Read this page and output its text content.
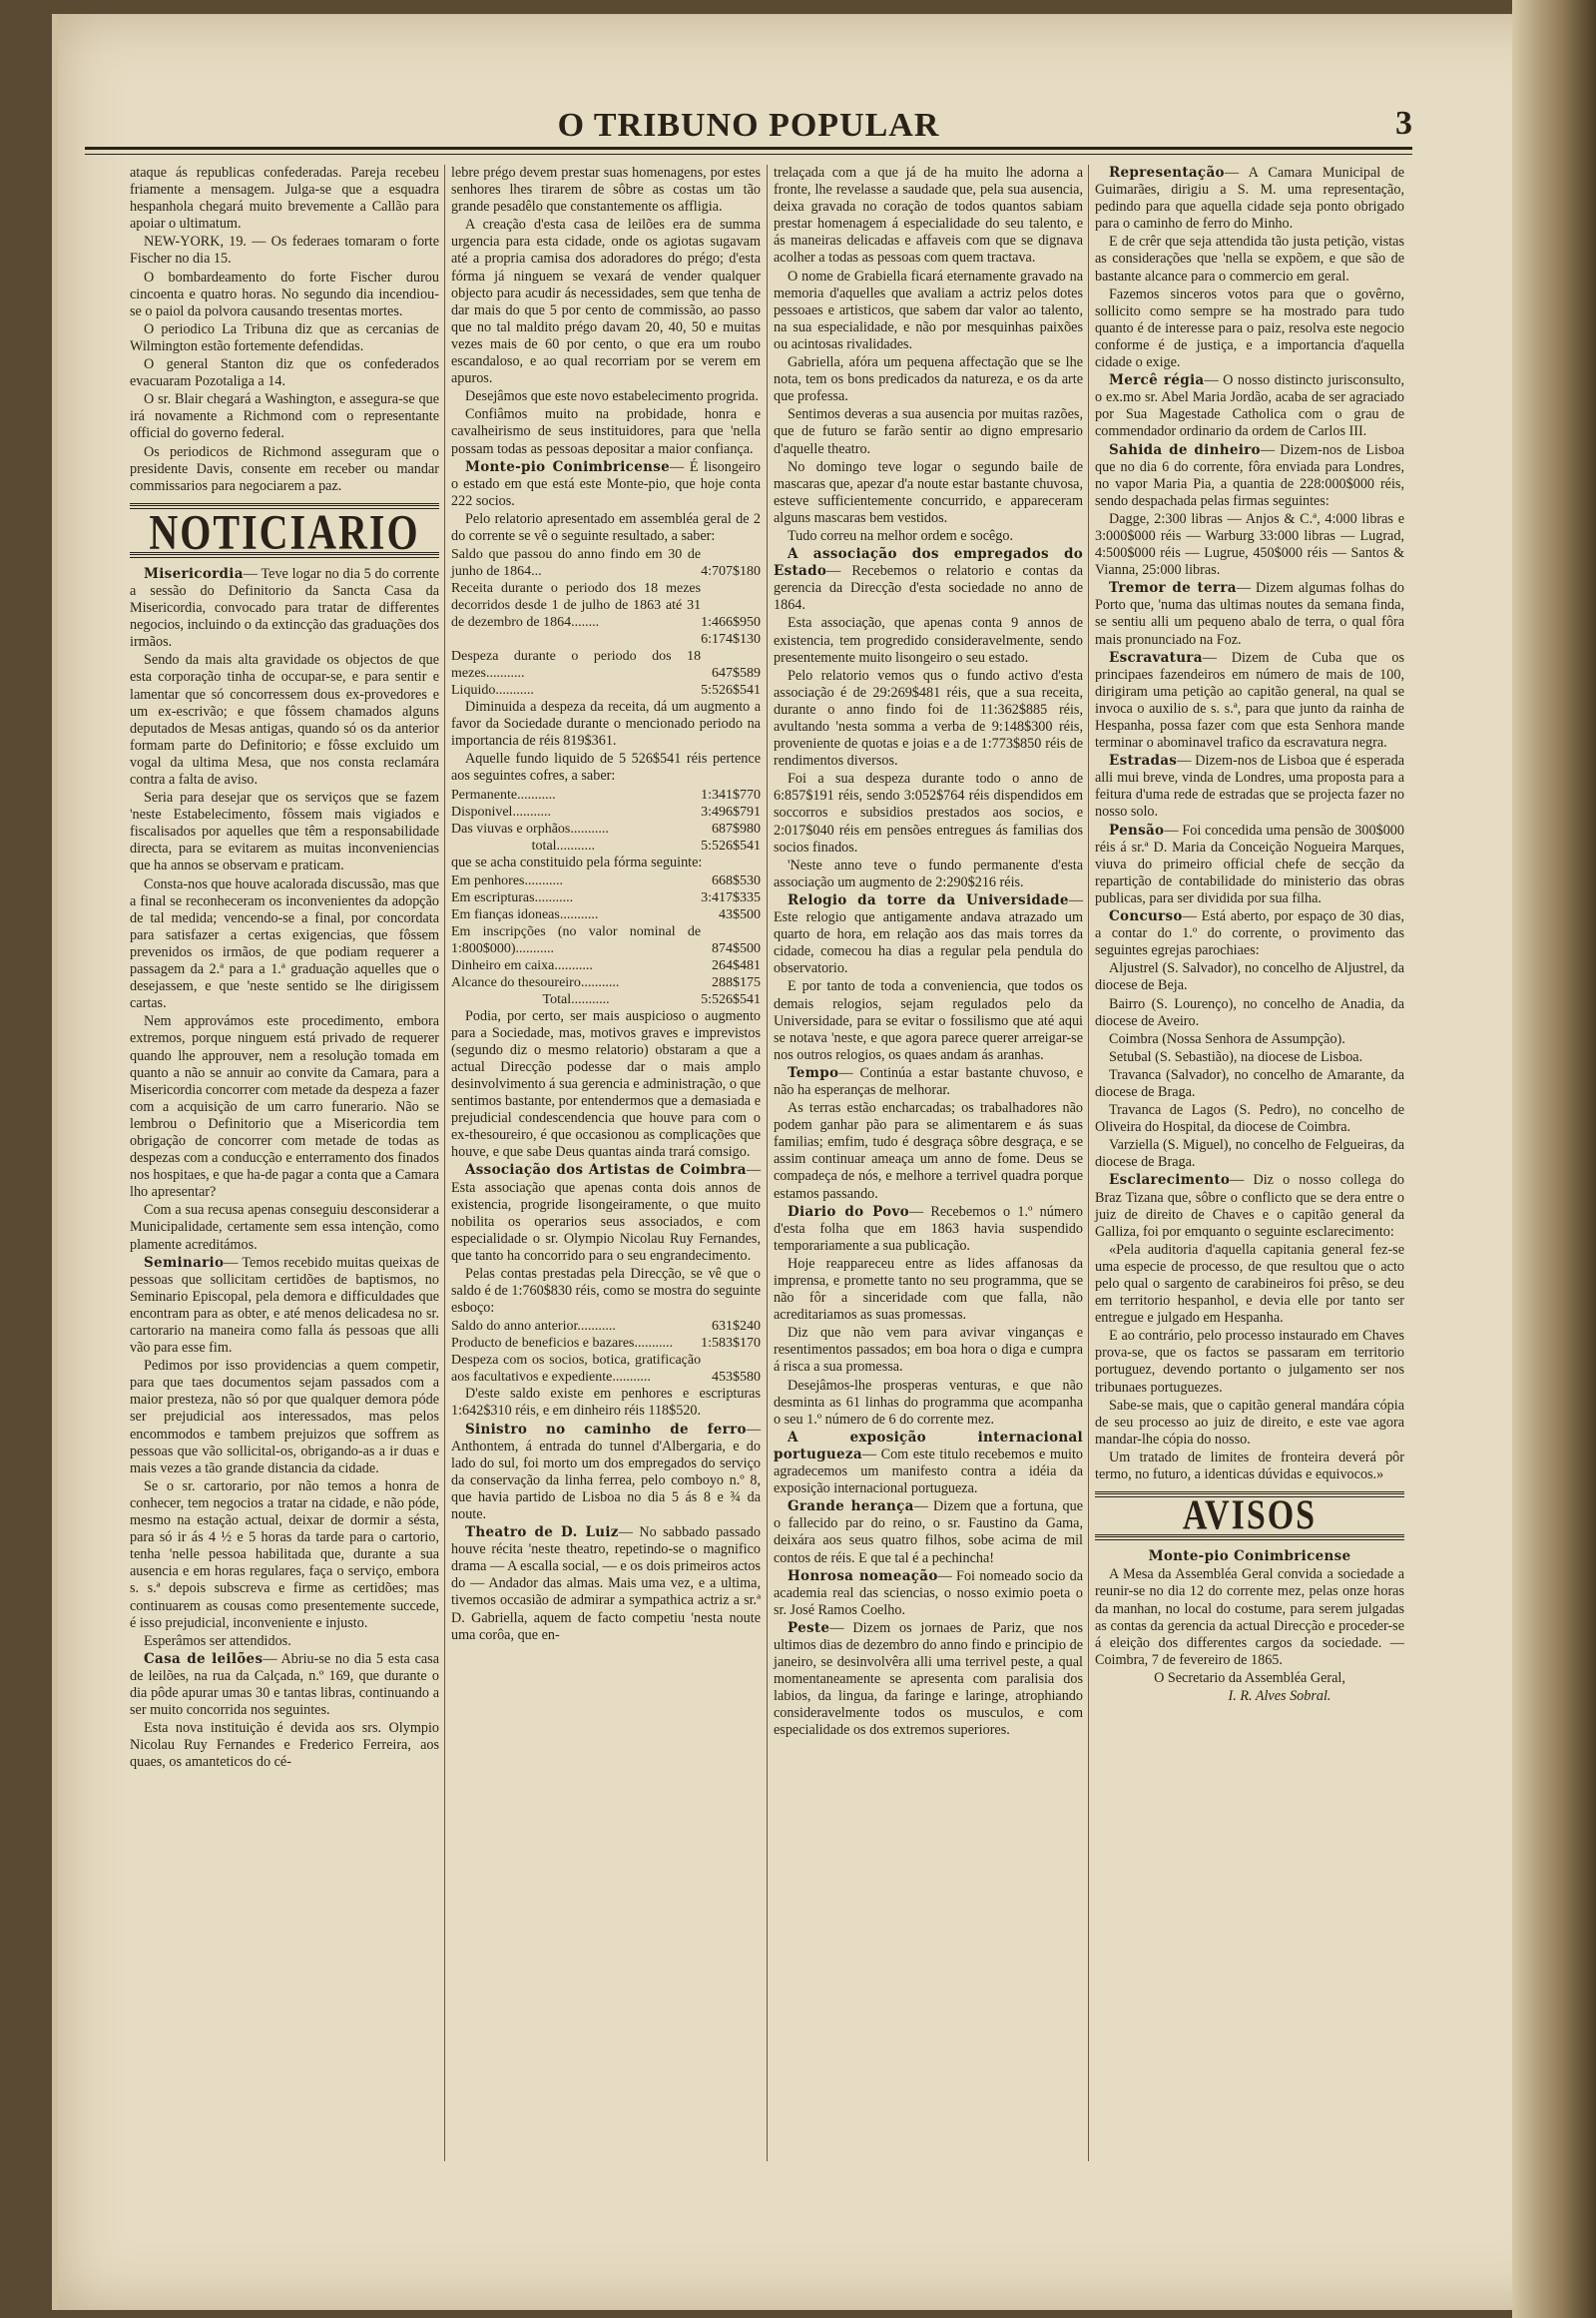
O TRIBUNO POPULAR	3

ataque ás republicas confederadas. Pareja recebeu friamente a mensagem. Julga-se que a esquadra hespanhola chegará muito brevemente a Callão para apoiar o ultimatum.

NEW-YORK, 19. — Os federaes tomaram o forte Fischer no dia 15.

O bombardeamento do forte Fischer durou cincoenta e quatro horas. No segundo dia incendiou-se o paiol da polvora causando tresentas mortes.

O periodico La Tribuna diz que as cercanias de Wilmington estão fortemente defendidas.

O general Stanton diz que os confederados evacuaram Pozotaliga a 14.

O sr. Blair chegará a Washington, e assegura-se que irá novamente a Richmond com o representante official do governo federal.

Os periodicos de Richmond asseguram que o presidente Davis, consente em receber ou mandar commissarios para negociarem a paz.

NOTICIARIO

Misericordia— Teve logar no dia 5 do corrente a sessão do Definitorio da Sancta Casa da Misericordia, convocado para tratar de differentes negocios, incluindo o da extincção das graduações dos irmãos.

Sendo da mais alta gravidade os objectos de que esta corporação tinha de occupar-se, e para sentir e lamentar que só concorressem dous ex-provedores e um ex-escrivão; e que fôssem chamados alguns deputados de Mesas antigas, quando só os da anterior formam parte do Definitorio; e fôsse excluido um vogal da ultima Mesa, que nos consta reclamára contra a falta de aviso.

Seria para desejar que os serviços que se fazem 'neste Estabelecimento, fôssem mais vigiados e fiscalisados por aquelles que têm a responsabilidade directa, para se evitarem as muitas inconveniencias que ha annos se observam e praticam.

Consta-nos que houve acalorada discussão, mas que a final se reconheceram os inconvenientes da adopção de tal medida; vencendo-se a final, por concordata para satisfazer a certas exigencias, que fôssem prevenidos os irmãos, de que podiam requerer a passagem da 2.ª para a 1.ª graduação aquelles que o desejassem, e que 'neste sentido se lhe dirigissem cartas.

Nem approvámos este procedimento, embora extremos, porque ninguem está privado de requerer quando lhe approuver, nem a resolução tomada em quanto a não se annuir ao convite da Camara, para a Misericordia concorrer com metade da despeza a fazer com a acquisição de um carro funerario. Não se lembrou o Definitorio que a Misericordia tem obrigação de concorrer com metade de todas as despezas com a conducção e enterramento dos finados nos hospitaes, e que ha-de pagar a conta que a Camara lho apresentar?

Com a sua recusa apenas conseguiu desconsiderar a Municipalidade, certamente sem essa intenção, como plamente acreditámos.

Seminario— Temos recebido muitas queixas de pessoas que sollicitam certidões de baptismos, no Seminario Episcopal, pela demora e difficuldades que encontram para as obter, e até menos delicadesa no sr. cartorario na maneira como falla ás pessoas que alli vão para esse fim.

Pedimos por isso providencias a quem competir, para que taes documentos sejam passados com a maior presteza, não só por que qualquer demora póde ser prejudicial aos interessados, mas pelos encommodos e tambem prejuizos que soffrem as pessoas que vão sollicital-os, obrigando-as a ir duas e mais vezes a tão grande distancia da cidade.

Se o sr. cartorario, por não temos a honra de conhecer, tem negocios a tratar na cidade, e não póde, mesmo na estação actual, deixar de dormir a sésta, para só ir ás 4 ½ e 5 horas da tarde para o cartorio, tenha 'nelle pessoa habilitada que, durante a sua ausencia e em horas regulares, faça o serviço, embora s. s.ª depois subscreva e firme as certidões; mas continuarem as cousas como presentemente succede, é isso prejudicial, inconveniente e injusto.

Esperâmos ser attendidos.

Casa de leilões— Abriu-se no dia 5 esta casa de leilões, na rua da Calçada, n.º 169, que durante o dia pôde apurar umas 30 e tantas libras, continuando a ser muito concorrida nos seguintes.

Esta nova instituição é devida aos srs. Olympio Nicolau Ruy Fernandes e Frederico Ferreira, aos quaes, os amanteticos do cé-

lebre prégo devem prestar suas homenagens, por estes senhores lhes tirarem de sôbre as costas um tão grande pesadêlo que constantemente os affligia.

A creação d'esta casa de leilões era de summa urgencia para esta cidade, onde os agiotas sugavam até a propria camisa dos adoradores do prégo; d'esta fórma já ninguem se vexará de vender qualquer objecto para acudir ás necessidades, sem que tenha de dar mais do que 5 por cento de commissão, ao passo que no tal maldito prégo davam 20, 40, 50 e muitas vezes mais de 60 por cento, o que era um roubo escandaloso, e ao qual recorriam por se verem em apuros.

Desejâmos que este novo estabelecimento progrida.

Confiâmos muito na probidade, honra e cavalheirismo de seus instituidores, para que 'nella possam todas as pessoas depositar a maior confiança.

Monte-pio Conimbricense— É lisongeiro o estado em que está este Monte-pio, que hoje conta 222 socios.

Pelo relatorio apresentado em assembléa geral de 2 do corrente se vê o seguinte resultado, a saber:

Saldo que passou do anno findo em 30 de junho de 1864...	4:707$180
Receita durante o periodo dos 18 mezes decorridos desde 1 de julho de 1863 até 31 de dezembro de 1864........	1:466$950
	6:174$130
Despeza durante o periodo dos 18 mezes...........	647$589
Liquido...........	5:526$541

Diminuida a despeza da receita, dá um augmento a favor da Sociedade durante o mencionado periodo na importancia de réis 819$361.

Aquelle fundo liquido de 5 526$541 réis pertence aos seguintes cofres, a saber:

Permanente...........	1:341$770
Disponivel...........	3:496$791
Das viuvas e orphãos...........	687$980
total...........	5:526$541

que se acha constituido pela fórma seguinte:

Em penhores...........	668$530
Em escripturas...........	3:417$335
Em fianças idoneas...........	43$500
Em inscripções (no valor nominal de 1:800$000)...........	874$500
Dinheiro em caixa...........	264$481
Alcance do thesoureiro...........	288$175
Total...........	5:526$541

Podia, por certo, ser mais auspicioso o augmento para a Sociedade, mas, motivos graves e imprevistos (segundo diz o mesmo relatorio) obstaram a que a actual Direcção podesse dar o mais amplo desinvolvimento á sua gerencia e administração, o que sentimos bastante, por entendermos que a demasiada e prejudicial condescendencia que houve para com o ex-thesoureiro, é que occasionou as complicações que houve, e que sabe Deus quantas ainda trará comsigo.

Associação dos Artistas de Coimbra— Esta associação que apenas conta dois annos de existencia, progride lisongeiramente, o que muito nobilita os operarios seus associados, e com especialidade o sr. Olympio Nicolau Ruy Fernandes, que tanto ha concorrido para o seu engrandecimento.

Pelas contas prestadas pela Direcção, se vê que o saldo é de 1:760$830 réis, como se mostra do seguinte esboço:

Saldo do anno anterior...........	631$240
Producto de beneficios e bazares...........	1:583$170
Despeza com os socios, botica, gratificação aos facultativos e expediente...........	453$580

D'este saldo existe em penhores e escripturas 1:642$310 réis, e em dinheiro réis 118$520.

Sinistro no caminho de ferro— Anthontem, á entrada do tunnel d'Albergaria, e do lado do sul, foi morto um dos empregados do serviço da conservação da linha ferrea, pelo comboyo n.º 8, que havia partido de Lisboa no dia 5 ás 8 e ¾ da noute.

Theatro de D. Luiz— No sabbado passado houve récita 'neste theatro, repetindo-se o magnifico drama — A escalla social, — e os dois primeiros actos do — Andador das almas. Mais uma vez, e a ultima, tivemos occasião de admirar a sympathica actriz a sr.ª D. Gabriella, aquem de facto competiu 'nesta noute uma corôa, que en-

trelaçada com a que já de ha muito lhe adorna a fronte, lhe revelasse a saudade que, pela sua ausencia, deixa gravada no coração de todos quantos sabiam prestar homenagem á especialidade do seu talento, e ás maneiras delicadas e affaveis com que se dignava acolher a todas as pessoas com quem tractava.

O nome de Grabiella ficará eternamente gravado na memoria d'aquelles que avaliam a actriz pelos dotes pessoaes e artisticos, que sabem dar valor ao talento, na sua especialidade, e não por mesquinhas paixões ou acintosas rivalidades.

Gabriella, afóra um pequena affectação que se lhe nota, tem os bons predicados da natureza, e os da arte que professa.

Sentimos deveras a sua ausencia por muitas razões, que de futuro se farão sentir ao digno empresario d'aquelle theatro.

No domingo teve logar o segundo baile de mascaras que, apezar d'a noute estar bastante chuvosa, esteve sufficientemente concurrido, e appareceram alguns mascaras bem vestidos.

Tudo correu na melhor ordem e socêgo.

A associação dos empregados do Estado— Recebemos o relatorio e contas da gerencia da Direcção d'esta sociedade no anno de 1864.

Esta associação, que apenas conta 9 annos de existencia, tem progredido consideravelmente, sendo presentemente muito lisongeiro o seu estado.

Pelo relatorio vemos qus o fundo activo d'esta associação é de 29:269$481 réis, que a sua receita, durante o anno findo foi de 11:362$885 réis, avultando 'nesta somma a verba de 9:148$300 réis, proveniente de quotas e joias e a de 1:773$850 réis de rendimentos diversos.

Foi a sua despeza durante todo o anno de 6:857$191 réis, sendo 3:052$764 réis dispendidos em soccorros e subsidios prestados aos socios, e 2:017$040 réis em pensões entregues ás familias dos socios finados.

'Neste anno teve o fundo permanente d'esta associação um augmento de 2:290$216 réis.

Relogio da torre da Universidade— Este relogio que antigamente andava atrazado um quarto de hora, em relação aos das mais torres da cidade, comecou ha dias a regular pela pendula do observatorio.

E por tanto de toda a conveniencia, que todos os demais relogios, sejam regulados pelo da Universidade, para se evitar o fossilismo que até aqui se notava 'neste, e que agora parece querer arreigar-se nos outros relogios, os quaes andam ás aranhas.

Tempo— Continúa a estar bastante chuvoso, e não ha esperanças de melhorar.

As terras estão encharcadas; os trabalhadores não podem ganhar pão para se alimentarem e ás suas familias; emfim, tudo é desgraça sôbre desgraça, e se assim continuar ameaça um anno de fome. Deus se compadeça de nós, e melhore a terrivel quadra porque estamos passando.

Diario do Povo— Recebemos o 1.º número d'esta folha que em 1863 havia suspendido temporariamente a sua publicação.

Hoje reappareceu entre as lides affanosas da imprensa, e promette tanto no seu programma, que se não fôr a sinceridade com que falla, não acreditariamos as suas promessas.

Diz que não vem para avivar vinganças e resentimentos passados; em boa hora o diga e cumpra á risca a sua promessa.

Desejâmos-lhe prosperas venturas, e que não desminta as 61 linhas do programma que acompanha o seu 1.º número de 6 do corrente mez.

A exposição internacional portugueza— Com este titulo recebemos e muito agradecemos um manifesto contra a idéia da exposição internacional portugueza.

Grande herança— Dizem que a fortuna, que o fallecido par do reino, o sr. Faustino da Gama, deixára aos seus quatro filhos, sobe acima de mil contos de réis. E que tal é a pechincha!

Honrosa nomeação— Foi nomeado socio da academia real das sciencias, o nosso eximio poeta o sr. José Ramos Coelho.

Peste— Dizem os jornaes de Pariz, que nos ultimos dias de dezembro do anno findo e principio de janeiro, se desinvolvêra alli uma terrivel peste, a qual momentaneamente se apresenta com paralisia dos labios, da lingua, da faringe e laringe, atrophiando consideravelmente todos os musculos, e com especialidade os dos extremos superiores.

Representação— A Camara Municipal de Guimarães, dirigiu a S. M. uma representação, pedindo para que aquella cidade seja ponto obrigado para o caminho de ferro do Minho.

E de crêr que seja attendida tão justa petição, vistas as considerações que 'nella se expõem, e que são de bastante alcance para o commercio em geral.

Fazemos sinceros votos para que o govêrno, sollicito como sempre se ha mostrado para tudo quanto é de interesse para o paiz, resolva este negocio conforme é de justiça, e a importancia d'aquella cidade o exige.

Mercê régia— O nosso distincto jurisconsulto, o ex.mo sr. Abel Maria Jordão, acaba de ser agraciado por Sua Magestade Catholica com o grau de commendador ordinario da ordem de Carlos III.

Sahida de dinheiro— Dizem-nos de Lisboa que no dia 6 do corrente, fôra enviada para Londres, no vapor Maria Pia, a quantia de 228:000$000 réis, sendo despachada pelas firmas seguintes:

Dagge, 2:300 libras — Anjos & C.ª, 4:000 libras e 3:000$000 réis — Warburg 33:000 libras — Lugrad, 4:500$000 réis — Lugrue, 450$000 réis — Santos & Vianna, 25:000 libras.

Tremor de terra— Dizem algumas folhas do Porto que, 'numa das ultimas noutes da semana finda, se sentiu alli um pequeno abalo de terra, o qual fôra mais pronunciado na Foz.

Escravatura— Dizem de Cuba que os principaes fazendeiros em número de mais de 100, dirigiram uma petição ao capitão general, na qual se invoca o auxilio de s. s.ª, para que junto da rainha de Hespanha, possa fazer com que esta Senhora mande terminar o abominavel trafico da escravatura negra.

Estradas— Dizem-nos de Lisboa que é esperada alli mui breve, vinda de Londres, uma proposta para a feitura d'uma rede de estradas que se projecta fazer no nosso solo.

Pensão— Foi concedida uma pensão de 300$000 réis á sr.ª D. Maria da Conceição Nogueira Marques, viuva do primeiro official chefe de secção da repartição de contabilidade do ministerio das obras publicas, para ser dividida por sua filha.

Concurso— Está aberto, por espaço de 30 dias, a contar do 1.º do corrente, o provimento das seguintes egrejas parochiaes:

Aljustrel (S. Salvador), no concelho de Aljustrel, da diocese de Beja.

Bairro (S. Lourenço), no concelho de Anadia, da diocese de Aveiro.

Coimbra (Nossa Senhora de Assumpção).

Setubal (S. Sebastião), na diocese de Lisboa.

Travanca (Salvador), no concelho de Amarante, da diocese de Braga.

Travanca de Lagos (S. Pedro), no concelho de Oliveira do Hospital, da diocese de Coimbra.

Varziella (S. Miguel), no concelho de Felgueiras, da diocese de Braga.

Esclarecimento— Diz o nosso collega do Braz Tizana que, sôbre o conflicto que se dera entre o juiz de direito de Chaves e o capitão general da Galliza, foi por emquanto o seguinte esclarecimento:

«Pela auditoria d'aquella capitania general fez-se uma especie de processo, de que resultou que o acto pelo qual o sargento de carabineiros foi prêso, se deu em territorio hespanhol, e devia elle por tanto ser entregue e julgado em Hespanha.

E ao contrário, pelo processo instaurado em Chaves prova-se, que os factos se passaram em territorio portuguez, devendo portanto o julgamento ser nos tribunaes portuguezes.

Sabe-se mais, que o capitão general mandára cópia de seu processo ao juiz de direito, e este vae agora mandar-lhe cópia do nosso.

Um tratado de limites de fronteira deverá pôr termo, no futuro, a identicas dúvidas e equivocos.»

AVISOS

Monte-pio Conimbricense

A Mesa da Assembléa Geral convida a sociedade a reunir-se no dia 12 do corrente mez, pelas onze horas da manhan, no local do costume, para serem julgadas as contas da gerencia da actual Direcção e proceder-se á eleição dos differentes cargos da sociedade. — Coimbra, 7 de fevereiro de 1865.

O Secretario da Assembléa Geral,

I. R. Alves Sobral.
